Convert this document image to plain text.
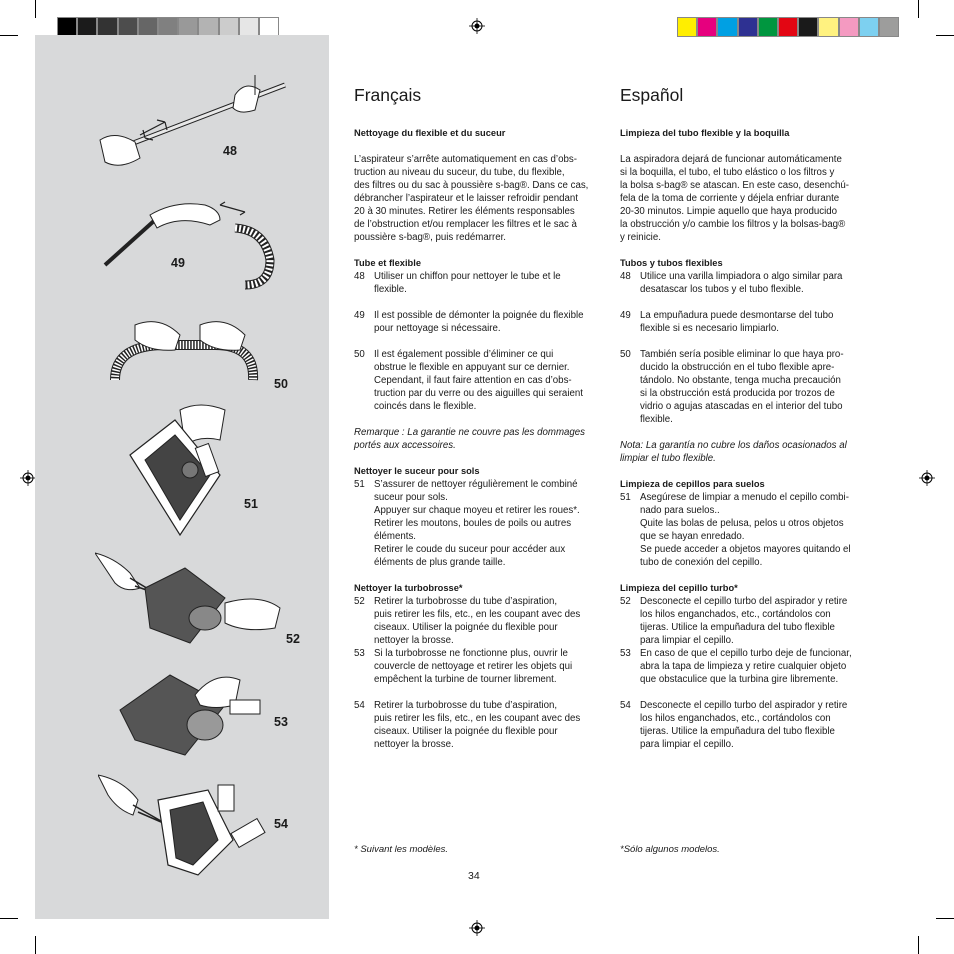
48
49
50
51
52
53
54
Français

Nettoyage du flexible et du suceur

L’aspirateur s’arrête automatiquement en cas d’obs-
truction au niveau du suceur, du tube, du flexible,
des filtres ou du sac à poussière s-bag®. Dans ce cas,
débrancher l’aspirateur et le laisser refroidir pendant
20 à 30 minutes. Retirer les éléments responsables
de l’obstruction et/ou remplacer les filtres et le sac à
poussière s-bag®, puis redémarrer.

Tube et flexible

48 Utiliser un chiffon pour nettoyer le tube et le
flexible.
49 Il est possible de démonter la poignée du flexible
pour nettoyage si nécessaire.
50 Il est également possible d’éliminer ce qui
obstrue le flexible en appuyant sur ce dernier.
Cependant, il faut faire attention en cas d’obs-
truction par du verre ou des aiguilles qui seraient
coincés dans le flexible.

Remarque : La garantie ne couvre pas les dommages
portés aux accessoires.

Nettoyer le suceur pour sols

51 S’assurer de nettoyer régulièrement le combiné
suceur pour sols.
Appuyer sur chaque moyeu et retirer les roues*.
Retirer les moutons, boules de poils ou autres
éléments.
Retirer le coude du suceur pour accéder aux
éléments de plus grande taille.

Nettoyer la turbobrosse*

52 Retirer la turbobrosse du tube d’aspiration,
puis retirer les fils, etc., en les coupant avec des
ciseaux. Utiliser la poignée du flexible pour
nettoyer la brosse.
53 Si la turbobrosse ne fonctionne plus, ouvrir le
couvercle de nettoyage et retirer les objets qui
empêchent la turbine de tourner librement.
54 Retirer la turbobrosse du tube d’aspiration,
puis retirer les fils, etc., en les coupant avec des
ciseaux. Utiliser la poignée du flexible pour
nettoyer la brosse.
* Suivant les modèles.
Español

Limpieza del tubo flexible y la boquilla

La aspiradora dejará de funcionar automáticamente
si la boquilla, el tubo, el tubo elástico o los filtros y
la bolsa s-bag® se atascan. En este caso, desenchú-
fela de la toma de corriente y déjela enfriar durante
20-30 minutos. Limpie aquello que haya producido
la obstrucción y/o cambie los filtros y la bolsas-bag®
y reinicie.

Tubos y tubos flexibles

48 Utilice una varilla limpiadora o algo similar para
desatascar los tubos y el tubo flexible.
49 La empuñadura puede desmontarse del tubo
flexible si es necesario limpiarlo.
50 También sería posible eliminar lo que haya pro-
ducido la obstrucción en el tubo flexible apre-
tándolo. No obstante, tenga mucha precaución
si la obstrucción está producida por trozos de
vidrio o agujas atascadas en el interior del tubo
flexible.

Nota: La garantía no cubre los daños ocasionados al
limpiar el tubo flexible.

Limpieza de cepillos para suelos

51 Asegúrese de limpiar a menudo el cepillo combi-
nado para suelos..
Quite las bolas de pelusa, pelos u otros objetos
que se hayan enredado.
Se puede acceder a objetos mayores quitando el
tubo de conexión del cepillo.

Limpieza del cepillo turbo*

52 Desconecte el cepillo turbo del aspirador y retire
los hilos enganchados, etc., cortándolos con
tijeras. Utilice la empuñadura del tubo flexible
para limpiar el cepillo.
53 En caso de que el cepillo turbo deje de funcionar,
abra la tapa de limpieza y retire cualquier objeto
que obstaculice que la turbina gire libremente.
54 Desconecte el cepillo turbo del aspirador y retire
los hilos enganchados, etc., cortándolos con
tijeras. Utilice la empuñadura del tubo flexible
para limpiar el cepillo.
*Sólo algunos modelos.
34
